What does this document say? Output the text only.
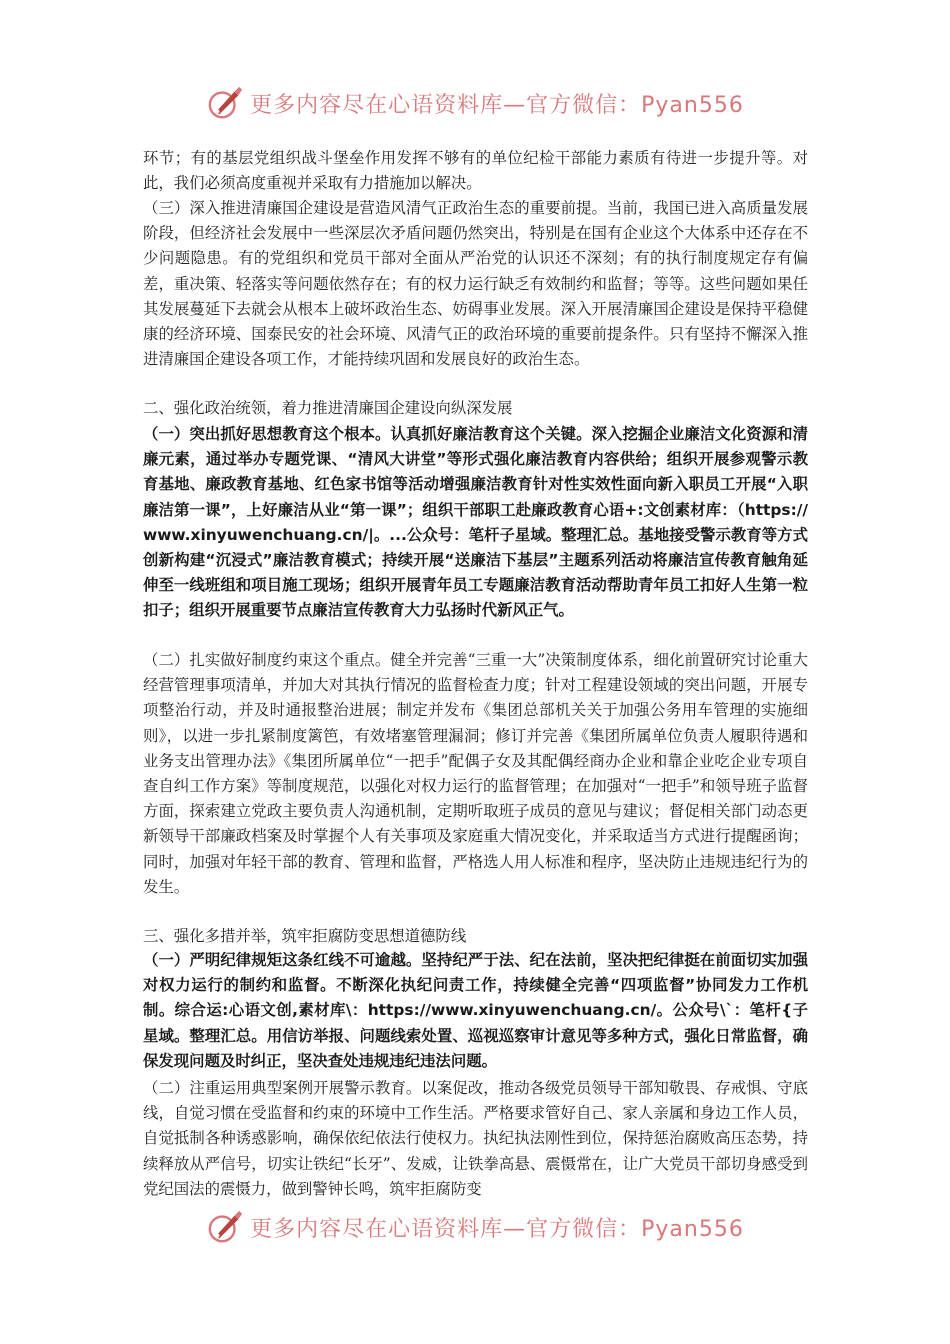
更多内容尽在心语资料库—官方微信：Pyan556

环节；有的基层党组织战斗堡垒作用发挥不够有的单位纪检干部能力素质有待进一步提升等。对此，我们必须高度重视并采取有力措施加以解决。

（三）深入推进清廉国企建设是营造风清气正政治生态的重要前提。当前，我国已进入高质量发展阶段，但经济社会发展中一些深层次矛盾问题仍然突出，特别是在国有企业这个大体系中还存在不少问题隐患。有的党组织和党员干部对全面从严治党的认识还不深刻；有的执行制度规定存有偏差，重决策、轻落实等问题依然存在；有的权力运行缺乏有效制约和监督；等等。这些问题如果任其发展蔓延下去就会从根本上破坏政治生态、妨碍事业发展。深入开展清廉国企建设是保持平稳健康的经济环境、国泰民安的社会环境、风清气正的政治环境的重要前提条件。只有坚持不懈深入推进清廉国企建设各项工作，才能持续巩固和发展良好的政治生态。

二、强化政治统领，着力推进清廉国企建设向纵深发展

（一）突出抓好思想教育这个根本。认真抓好廉洁教育这个关键。深入挖掘企业廉洁文化资源和清廉元素，通过举办专题党课、“清风大讲堂”等形式强化廉洁教育内容供给；组织开展参观警示教育基地、廉政教育基地、红色家书馆等活动增强廉洁教育针对性实效性面向新入职员工开展“入职廉洁第一课”，上好廉洁从业“第一课”；组织干部职工赴廉政教育心语+:文创素材库：（https://www.xinyuwenchuang.cn/|。...公众号：笔杆子星域。整理汇总。基地接受警示教育等方式创新构建“沉浸式”廉洁教育模式；持续开展“送廉洁下基层”主题系列活动将廉洁宣传教育触角延伸至一线班组和项目施工现场；组织开展青年员工专题廉洁教育活动帮助青年员工扣好人生第一粒扣子；组织开展重要节点廉洁宣传教育大力弘扬时代新风正气。

（二）扎实做好制度约束这个重点。健全并完善“三重一大”决策制度体系，细化前置研究讨论重大经营管理事项清单，并加大对其执行情况的监督检查力度；针对工程建设领域的突出问题，开展专项整治行动，并及时通报整治进展；制定并发布《集团总部机关关于加强公务用车管理的实施细则》，以进一步扎紧制度篱笆，有效堵塞管理漏洞；修订并完善《集团所属单位负责人履职待遇和业务支出管理办法》《集团所属单位“一把手”配偶子女及其配偶经商办企业和靠企业吃企业专项自查自纠工作方案》等制度规范，以强化对权力运行的监督管理；在加强对“一把手”和领导班子监督方面，探索建立党政主要负责人沟通机制，定期听取班子成员的意见与建议；督促相关部门动态更新领导干部廉政档案及时掌握个人有关事项及家庭重大情况变化，并采取适当方式进行提醒函询；同时，加强对年轻干部的教育、管理和监督，严格选人用人标准和程序，坚决防止违规违纪行为的发生。

三、强化多措并举，筑牢拒腐防变思想道德防线

（一）严明纪律规矩这条红线不可逾越。坚持纪严于法、纪在法前，坚决把纪律挺在前面切实加强对权力运行的制约和监督。不断深化执纪问责工作，持续健全完善“四项监督”协同发力工作机制。综合运:心语文创,素材库\：https://www.xinyuwenchuang.cn/。公众号\`：笔杆{子星域。整理汇总。用信访举报、问题线索处置、巡视巡察审计意见等多种方式，强化日常监督，确保发现问题及时纠正，坚决查处违规违纪违法问题。

（二）注重运用典型案例开展警示教育。以案促改，推动各级党员领导干部知敬畏、存戒惧、守底线，自觉习惯在受监督和约束的环境中工作生活。严格要求管好自己、家人亲属和身边工作人员，自觉抵制各种诱惑影响，确保依纪依法行使权力。执纪执法刚性到位，保持惩治腐败高压态势，持续释放从严信号，切实让铁纪“长牙”、发威，让铁拳高悬、震慑常在，让广大党员干部切身感受到党纪国法的震慑力，做到警钟长鸣，筑牢拒腐防变

更多内容尽在心语资料库—官方微信：Pyan556
